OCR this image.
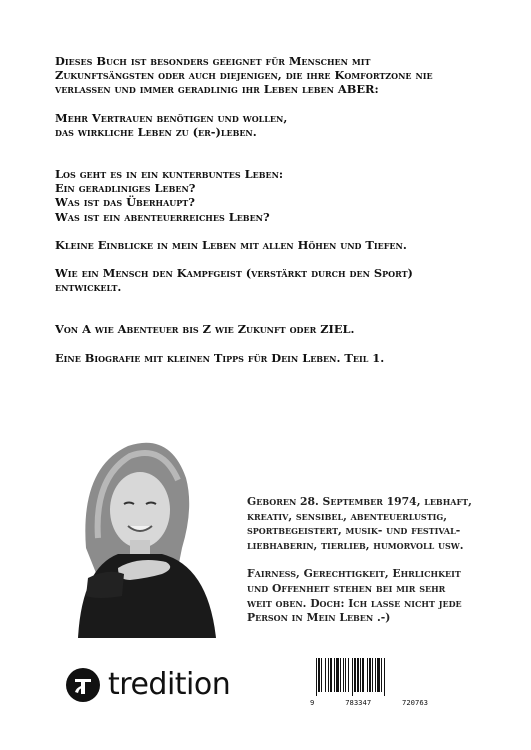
Dieses Buch ist besonders geeignet für Menschen mit

Zukunftsängsten oder auch diejenigen, die ihre Komfortzone nie

verlassen und immer geradlinig ihr Leben leben ABER:

Mehr Vertrauen benötigen und wollen,

das wirkliche Leben zu (er-)leben.

Los geht es in ein kunterbuntes Leben:

Ein geradliniges Leben?

Was ist das Überhaupt?

Was ist ein abenteuerreiches Leben?

Kleine Einblicke in mein Leben mit allen Höhen und Tiefen.

Wie ein Mensch den Kampfgeist (verstärkt durch den Sport)

entwickelt.

Von A wie Abenteuer bis Z wie Zukunft oder ZIEL.

Eine Biografie mit kleinen Tipps für Dein Leben. Teil 1.

Geboren 28. September 1974, lebhaft,

kreativ, sensibel, abenteuerlustig,

sportbegeistert, musik- und festival-

liebhaberin, tierlieb, humorvoll usw.

Fairness, Gerechtigkeit, Ehrlichkeit

und Offenheit stehen bei mir sehr

weit oben. Doch: Ich lasse nicht jede

Person in Mein Leben .-)

tredition
9	783347	720763
